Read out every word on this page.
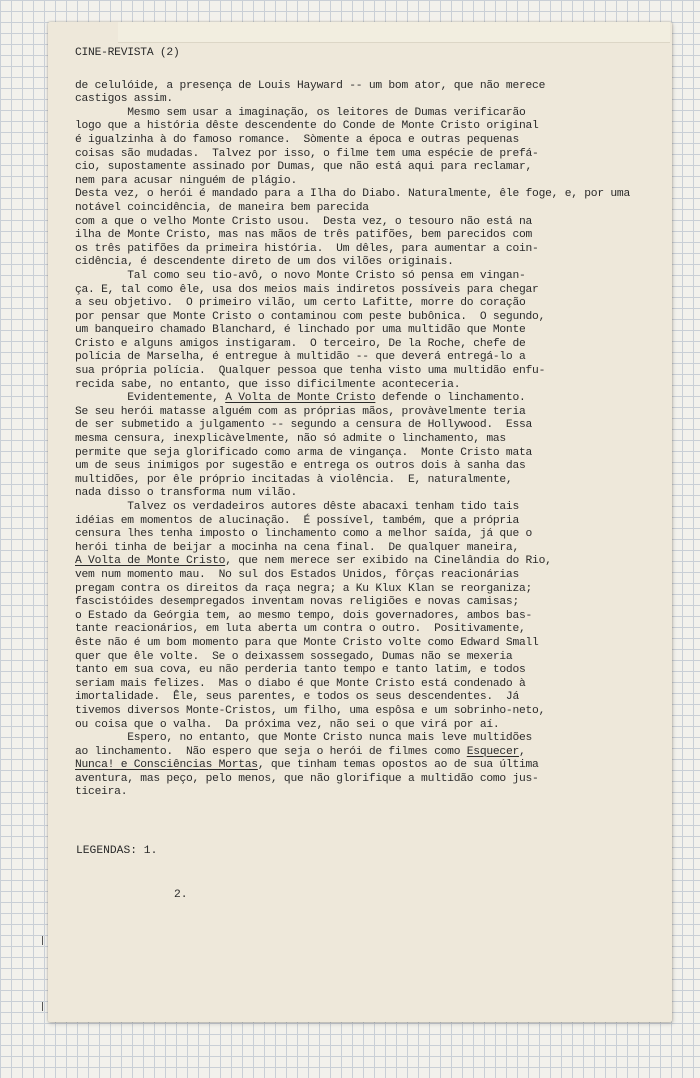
CINE-REVISTA (2)
de celulóide, a presença de Louis Hayward -- um bom ator, que não merece
castigos assim.
Mesmo sem usar a imaginação, os leitores de Dumas verificarão
logo que a história dêste descendente do Conde de Monte Cristo original
é igualzinha à do famoso romance.  Sòmente a época e outras pequenas
coisas são mudadas.  Talvez por isso, o filme tem uma espécie de prefá-
cio, supostamente assinado por Dumas, que não está aqui para reclamar,
nem para acusar ninguém de plágio.
Desta vez, o herói é mandado para a Ilha do Diabo. Naturalmente, êle foge, e, por uma notável coincidência, de maneira bem parecida
com a que o velho Monte Cristo usou.  Desta vez, o tesouro não está na
ilha de Monte Cristo, mas nas mãos de três patifões, bem parecidos com
os três patifões da primeira história.  Um dêles, para aumentar a coin-
cidência, é descendente direto de um dos vilões originais.
Tal como seu tio-avô, o novo Monte Cristo só pensa em vingan-
ça. E, tal como êle, usa dos meios mais indiretos possíveis para chegar
a seu objetivo.  O primeiro vilão, um certo Lafitte, morre do coração
por pensar que Monte Cristo o contaminou com peste bubônica.  O segundo,
um banqueiro chamado Blanchard, é linchado por uma multidão que Monte
Cristo e alguns amigos instigaram.  O terceiro, De la Roche, chefe de
polícia de Marselha, é entregue à multidão -- que deverá entregá-lo a
sua própria polícia.  Qualquer pessoa que tenha visto uma multidão enfu-
recida sabe, no entanto, que isso dificilmente aconteceria.
Evidentemente, A Volta de Monte Cristo defende o linchamento.
Se seu herói matasse alguém com as próprias mãos, provàvelmente teria
de ser submetido a julgamento -- segundo a censura de Hollywood.  Essa
mesma censura, inexplicàvelmente, não só admite o linchamento, mas
permite que seja glorificado como arma de vingança.  Monte Cristo mata
um de seus inimigos por sugestão e entrega os outros dois à sanha das
multidões, por êle próprio incitadas à violência.  E, naturalmente,
nada disso o transforma num vilão.
Talvez os verdadeiros autores dêste abacaxi tenham tido tais
idéias em momentos de alucinação.  É possível, também, que a própria
censura lhes tenha imposto o linchamento como a melhor saída, já que o
herói tinha de beijar a mocinha na cena final.  De qualquer maneira,
A Volta de Monte Cristo, que nem merece ser exibido na Cinelândia do Rio,
vem num momento mau.  No sul dos Estados Unidos, fôrças reacionárias
pregam contra os direitos da raça negra; a Ku Klux Klan se reorganiza;
fascistóides desempregados inventam novas religiões e novas camisas;
o Estado da Geórgia tem, ao mesmo tempo, dois governadores, ambos bas-
tante reacionários, em luta aberta um contra o outro.  Positivamente,
êste não é um bom momento para que Monte Cristo volte como Edward Small
quer que êle volte.  Se o deixassem sossegado, Dumas não se mexeria
tanto em sua cova, eu não perderia tanto tempo e tanto latim, e todos
seriam mais felizes.  Mas o diabo é que Monte Cristo está condenado à
imortalidade.  Êle, seus parentes, e todos os seus descendentes.  Já
tivemos diversos Monte-Cristos, um filho, uma espôsa e um sobrinho-neto,
ou coisa que o valha.  Da próxima vez, não sei o que virá por aí.
Espero, no entanto, que Monte Cristo nunca mais leve multidões
ao linchamento.  Não espero que seja o herói de filmes como Esquecer,
Nunca! e Consciências Mortas, que tinham temas opostos ao de sua última
aventura, mas peço, pelo menos, que não glorifique a multidão como jus-
ticeira.
LEGENDAS: 1.
2.
